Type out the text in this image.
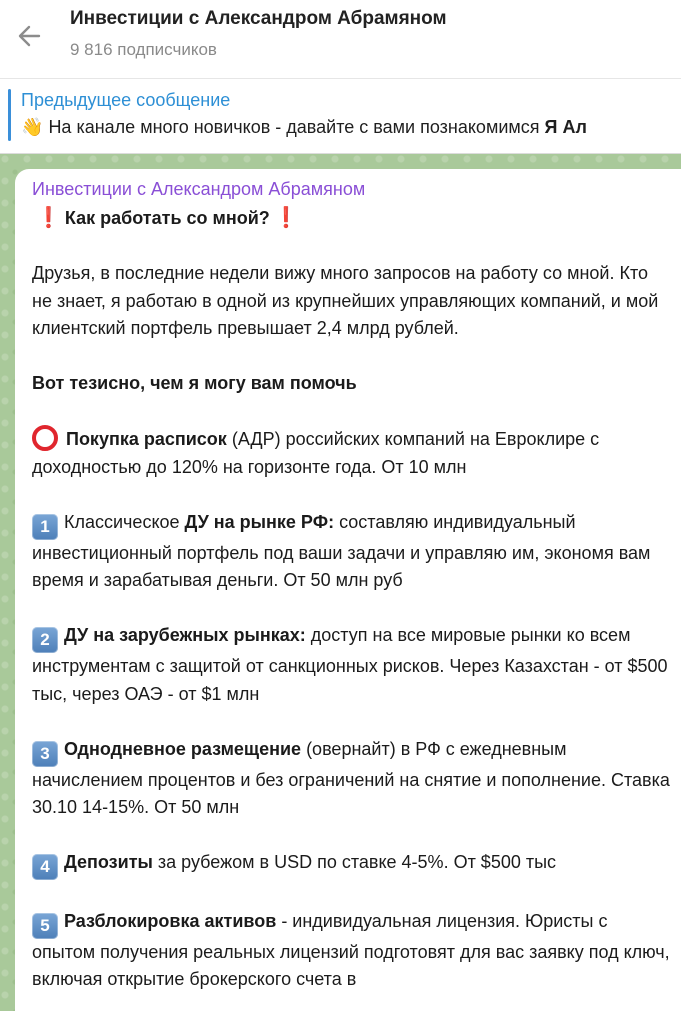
Инвестиции с Александром Абрамяном
9 816 подписчиков
Предыдущее сообщение
👋 На канале много новичков - давайте с вами познакомимся Я Ал
Инвестиции с Александром Абрамяном

❗ Как работать со мной? ❗

Друзья, в последние недели вижу много запросов на работу со мной. Кто не знает, я работаю в одной из крупнейших управляющих компаний, и мой клиентский портфель превышает 2,4 млрд рублей.

Вот тезисно, чем я могу вам помочь

Покупка расписок (АДР) российских компаний на Евроклире с доходностью до 120% на горизонте года. От 10 млн

1 Классическое ДУ на рынке РФ: составляю индивидуальный инвестиционный портфель под ваши задачи и управляю им, экономя вам время и зарабатывая деньги. От 50 млн руб

2 ДУ на зарубежных рынках: доступ на все мировые рынки ко всем инструментам с защитой от санкционных рисков. Через Казахстан - от $500 тыс, через ОАЭ - от $1 млн

3 Однодневное размещение (овернайт) в РФ с ежедневным начислением процентов и без ограничений на снятие и пополнение. Ставка 30.10 14-15%. От 50 млн

4 Депозиты за рубежом в USD по ставке 4-5%. От $500 тыс

5 Разблокировка активов - индивидуальная лицензия. Юристы с опытом получения реальных лицензий подготовят для вас заявку под ключ, включая открытие брокерского счета в
